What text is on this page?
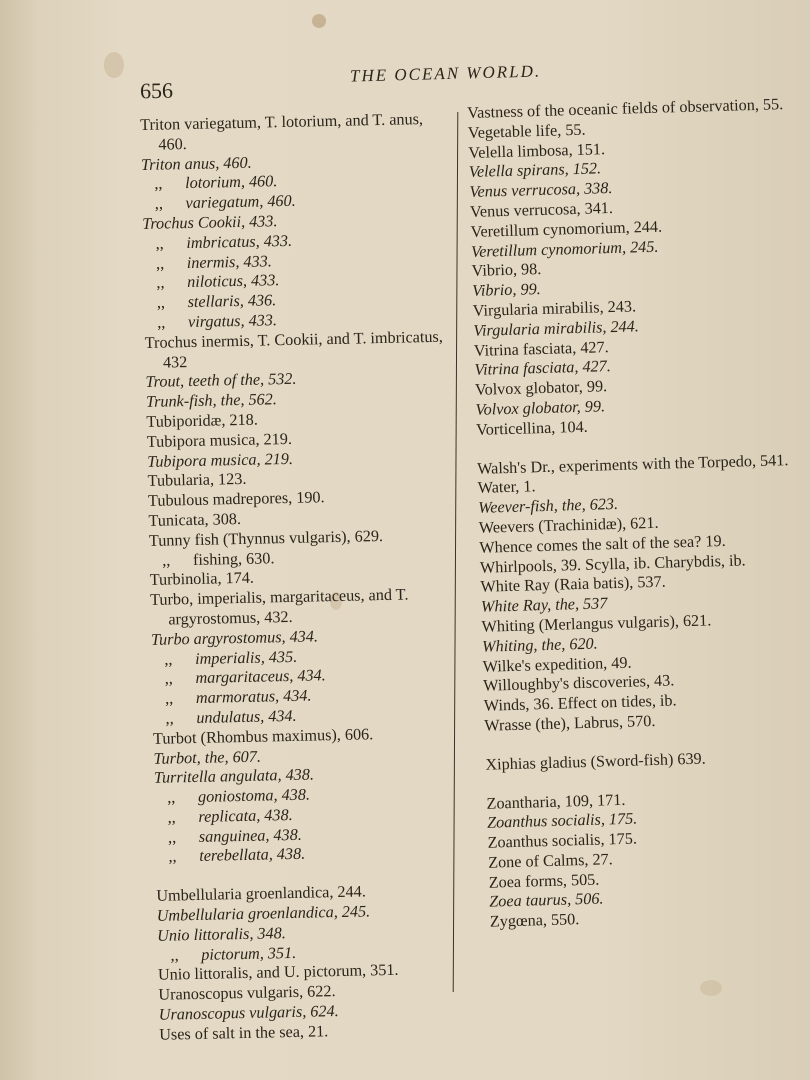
656
THE OCEAN WORLD.
Triton variegatum, T. lotorium, and T. anus, 460.
Triton anus, 460.
,, lotorium, 460.
,, variegatum, 460.
Trochus Cookii, 433.
,, imbricatus, 433.
,, inermis, 433.
,, niloticus, 433.
,, stellaris, 436.
,, virgatus, 433.
Trochus inermis, T. Cookii, and T. imbricatus, 432
Trout, teeth of the, 532.
Trunk-fish, the, 562.
Tubiporidæ, 218.
Tubipora musica, 219.
Tubipora musica, 219.
Tubularia, 123.
Tubulous madrepores, 190.
Tunicata, 308.
Tunny fish (Thynnus vulgaris), 629.
,, fishing, 630.
Turbinolia, 174.
Turbo, imperialis, margaritaceus, and T. argyrostomus, 432.
Turbo argyrostomus, 434.
,, imperialis, 435.
,, margaritaceus, 434.
,, marmoratus, 434.
,, undulatus, 434.
Turbot (Rhombus maximus), 606.
Turbot, the, 607.
Turritella angulata, 438.
,, goniostoma, 438.
,, replicata, 438.
,, sanguinea, 438.
,, terebellata, 438.
Umbellularia groenlandica, 244.
Umbellularia groenlandica, 245.
Unio littoralis, 348.
,, pictorum, 351.
Unio littoralis, and U. pictorum, 351.
Uranoscopus vulgaris, 622.
Uranoscopus vulgaris, 624.
Uses of salt in the sea, 21.
Vastness of the oceanic fields of observation, 55.
Vegetable life, 55.
Velella limbosa, 151.
Velella spirans, 152.
Venus verrucosa, 338.
Venus verrucosa, 341.
Veretillum cynomorium, 244.
Veretillum cynomorium, 245.
Vibrio, 98.
Vibrio, 99.
Virgularia mirabilis, 243.
Virgularia mirabilis, 244.
Vitrina fasciata, 427.
Vitrina fasciata, 427.
Volvox globator, 99.
Volvox globator, 99.
Vorticellina, 104.
Walsh's Dr., experiments with the Torpedo, 541.
Water, 1.
Weever-fish, the, 623.
Weevers (Trachinidæ), 621.
Whence comes the salt of the sea? 19.
Whirlpools, 39. Scylla, ib. Charybdis, ib.
White Ray (Raia batis), 537.
White Ray, the, 537
Whiting (Merlangus vulgaris), 621.
Whiting, the, 620.
Wilke's expedition, 49.
Willoughby's discoveries, 43.
Winds, 36. Effect on tides, ib.
Wrasse (the), Labrus, 570.
Xiphias gladius (Sword-fish) 639.
Zoantharia, 109, 171.
Zoanthus socialis, 175.
Zoanthus socialis, 175.
Zone of Calms, 27.
Zoea forms, 505.
Zoea taurus, 506.
Zygœna, 550.
